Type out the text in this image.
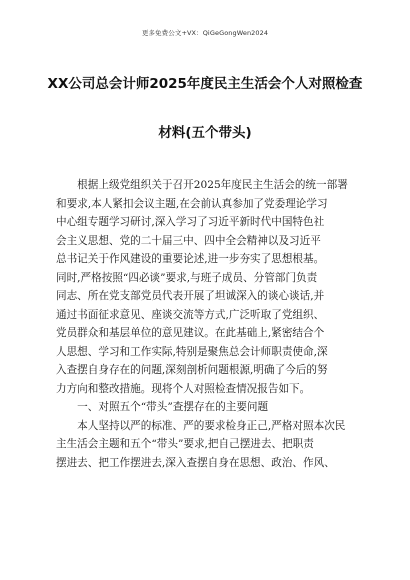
更多免费公文+VX：QiGeGongWen2024
XX公司总会计师2025年度民主生活会个人对照检查
材料(五个带头)
　　根据上级党组织关于召开2025年度民主生活会的统一部署
和要求,本人紧扣会议主题,在会前认真参加了党委理论学习
中心组专题学习研讨,深入学习了习近平新时代中国特色社
会主义思想、党的二十届三中、四中全会精神以及习近平
总书记关于作风建设的重要论述,进一步夯实了思想根基。
同时,严格按照“四必谈”要求,与班子成员、分管部门负责
同志、所在党支部党员代表开展了坦诚深入的谈心谈话,并
通过书面征求意见、座谈交流等方式,广泛听取了党组织、
党员群众和基层单位的意见建议。在此基础上,紧密结合个
人思想、学习和工作实际,特别是聚焦总会计师职责使命,深
入查摆自身存在的问题,深刻剖析问题根源,明确了今后的努
力方向和整改措施。现将个人对照检查情况报告如下。
　　一、对照五个“带头”查摆存在的主要问题
　　本人坚持以严的标准、严的要求检身正己,严格对照本次民
主生活会主题和五个“带头”要求,把自己摆进去、把职责
摆进去、把工作摆进去,深入查摆自身在思想、政治、作风、
